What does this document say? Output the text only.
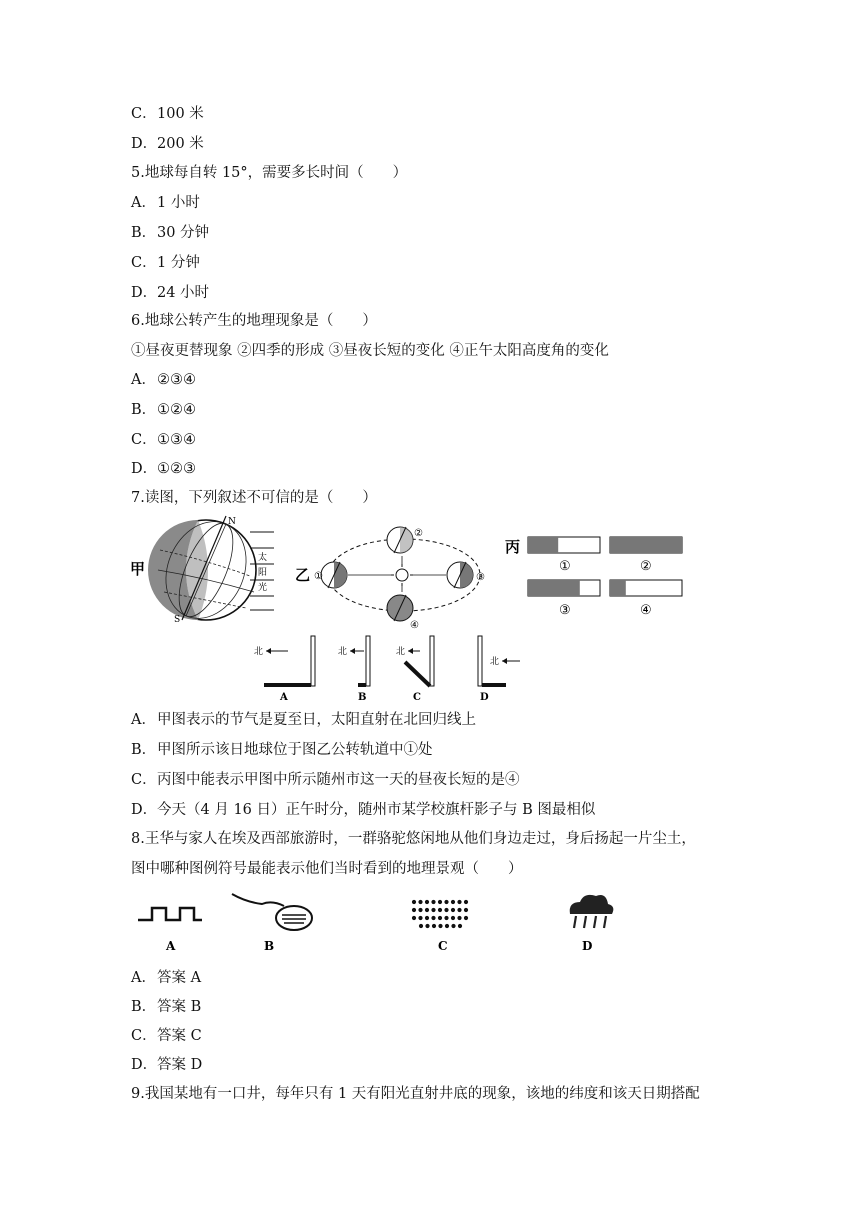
C．100 米
D．200 米
5.地球每自转 15°，需要多长时间（　　）
A．1 小时
B．30 分钟
C．1 分钟
D．24 小时
6.地球公转产生的地理现象是（　　）
①昼夜更替现象 ②四季的形成 ③昼夜长短的变化 ④正午太阳高度角的变化
A．②③④
B．①②④
C．①③④
D．①②③
7.读图，下列叙述不可信的是（　　）
甲
N
S
太
阳
光
乙 ①
②
③
④
丙
①	②
③	④
北
A
北
B
北
C
北
D
A．甲图表示的节气是夏至日，太阳直射在北回归线上
B．甲图所示该日地球位于图乙公转轨道中①处
C．丙图中能表示甲图中所示随州市这一天的昼夜长短的是④
D．今天（4 月 16 日）正午时分，随州市某学校旗杆影子与 B 图最相似
8.王华与家人在埃及西部旅游时，一群骆驼悠闲地从他们身边走过，身后扬起一片尘土，
图中哪种图例符号最能表示他们当时看到的地理景观（　　）
A	B	C	D
A．答案 A
B．答案 B
C．答案 C
D．答案 D
9.我国某地有一口井，每年只有 1 天有阳光直射井底的现象，该地的纬度和该天日期搭配
